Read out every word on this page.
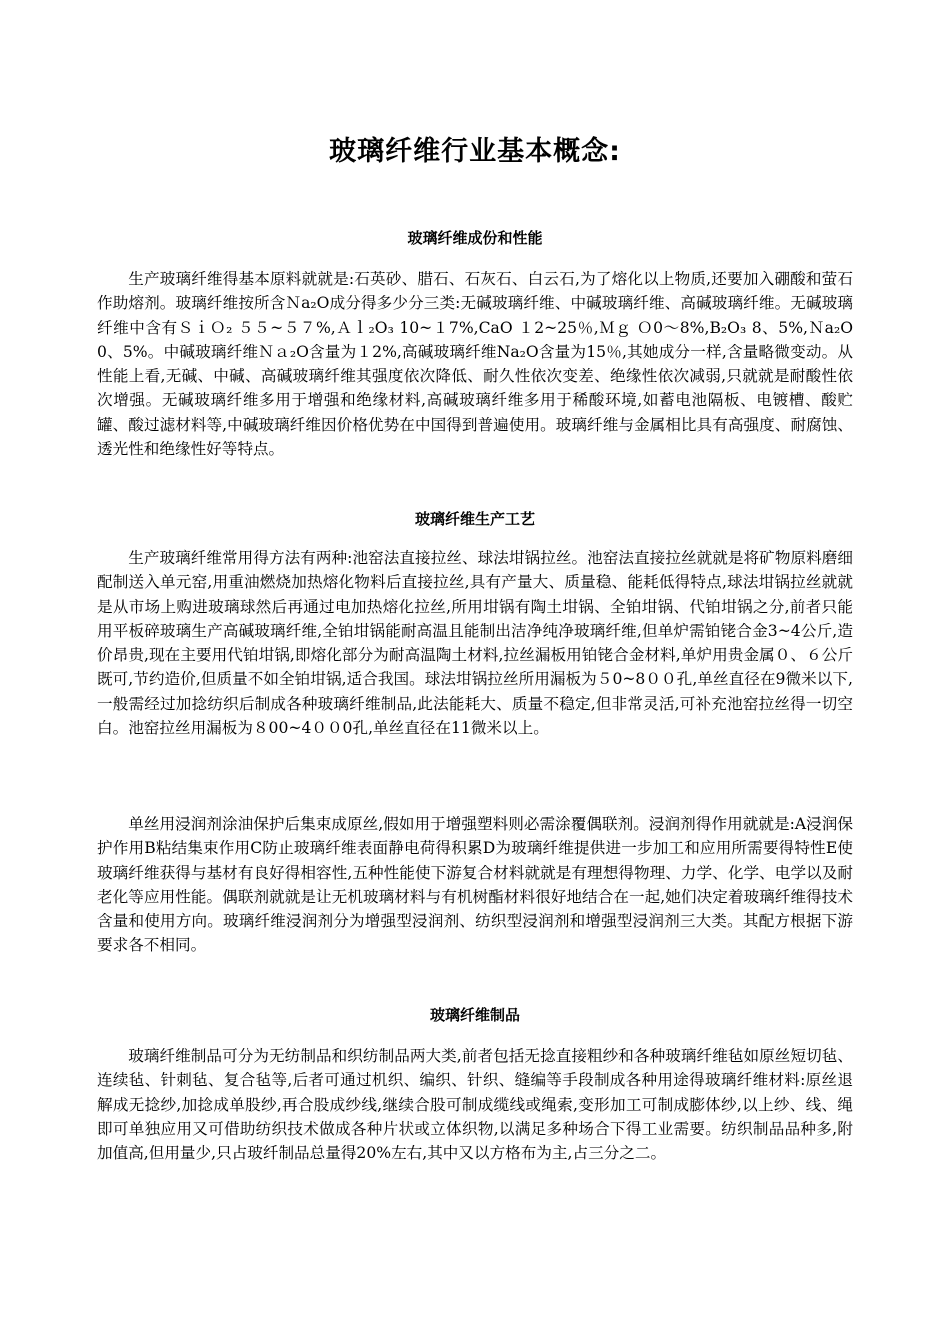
玻璃纤维行业基本概念:
玻璃纤维成份和性能

生产玻璃纤维得基本原料就就是:石英砂、腊石、石灰石、白云石,为了熔化以上物质,还要加入硼酸和萤石作助熔剂。玻璃纤维按所含Ｎa₂O成分得多少分三类:无碱玻璃纤维、中碱玻璃纤维、高碱玻璃纤维。无碱玻璃纤维中含有ＳｉＯ₂ ５５~５７%,Ａｌ₂O₃ 10~１7%,CaO １2~25％,Ｍｇ Ｏ0～8%,B₂O₃ 8、5%,Ｎa₂O 0、5%。中碱玻璃纤维Ｎａ₂O含量为１2%,高碱玻璃纤维Na₂O含量为15％,其她成分一样,含量略微变动。从性能上看,无碱、中碱、高碱玻璃纤维其强度依次降低、耐久性依次变差、绝缘性依次减弱,只就就是耐酸性依次增强。无碱玻璃纤维多用于增强和绝缘材料,高碱玻璃纤维多用于稀酸环境,如蓄电池隔板、电镀槽、酸贮罐、酸过滤材料等,中碱玻璃纤维因价格优势在中国得到普遍使用。玻璃纤维与金属相比具有高强度、耐腐蚀、透光性和绝缘性好等特点。

玻璃纤维生产工艺

生产玻璃纤维常用得方法有两种:池窑法直接拉丝、球法坩锅拉丝。池窑法直接拉丝就就是将矿物原料磨细配制送入单元窑,用重油燃烧加热熔化物料后直接拉丝,具有产量大、质量稳、能耗低得特点,球法坩锅拉丝就就是从市场上购进玻璃球然后再通过电加热熔化拉丝,所用坩锅有陶土坩锅、全铂坩锅、代铂坩锅之分,前者只能用平板碎玻璃生产高碱玻璃纤维,全铂坩锅能耐高温且能制出洁净纯净玻璃纤维,但单炉需铂铑合金3~4公斤,造价昂贵,现在主要用代铂坩锅,即熔化部分为耐高温陶土材料,拉丝漏板用铂铑合金材料,单炉用贵金属０、６公斤既可,节约造价,但质量不如全铂坩锅,适合我国。球法坩锅拉丝所用漏板为５0~8００孔,单丝直径在9微米以下,一般需经过加捻纺织后制成各种玻璃纤维制品,此法能耗大、质量不稳定,但非常灵活,可补充池窑拉丝得一切空白。池窑拉丝用漏板为８00~4００0孔,单丝直径在11微米以上。

单丝用浸润剂涂油保护后集束成原丝,假如用于增强塑料则必需涂覆偶联剂。浸润剂得作用就就是:A浸润保护作用B粘结集束作用C防止玻璃纤维表面静电荷得积累D为玻璃纤维提供进一步加工和应用所需要得特性E使玻璃纤维获得与基材有良好得相容性,五种性能使下游复合材料就就是有理想得物理、力学、化学、电学以及耐老化等应用性能。偶联剂就就是让无机玻璃材料与有机树酯材料很好地结合在一起,她们决定着玻璃纤维得技术含量和使用方向。玻璃纤维浸润剂分为增强型浸润剂、纺织型浸润剂和增强型浸润剂三大类。其配方根据下游要求各不相同。

玻璃纤维制品

玻璃纤维制品可分为无纺制品和织纺制品两大类,前者包括无捻直接粗纱和各种玻璃纤维毡如原丝短切毡、连续毡、针刺毡、复合毡等,后者可通过机织、编织、针织、缝编等手段制成各种用途得玻璃纤维材料:原丝退解成无捻纱,加捻成单股纱,再合股成纱线,继续合股可制成缆线或绳索,变形加工可制成膨体纱,以上纱、线、绳即可单独应用又可借助纺织技术做成各种片状或立体织物,以满足多种场合下得工业需要。纺织制品品种多,附加值高,但用量少,只占玻纤制品总量得20%左右,其中又以方格布为主,占三分之二。
